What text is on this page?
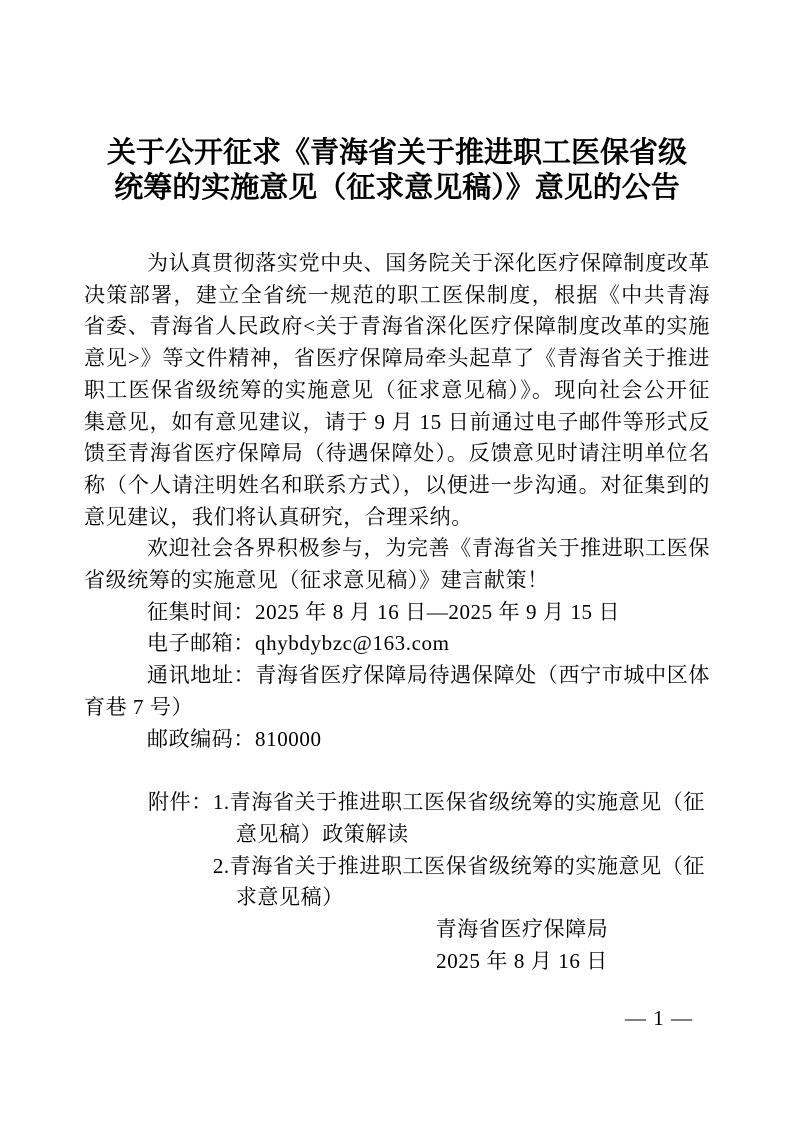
关于公开征求《青海省关于推进职工医保省级
统筹的实施意见（征求意见稿）》意见的公告

为认真贯彻落实党中央、国务院关于深化医疗保障制度改革决策部署，建立全省统一规范的职工医保制度，根据《中共青海省委、青海省人民政府<关于青海省深化医疗保障制度改革的实施意见>》等文件精神，省医疗保障局牵头起草了《青海省关于推进职工医保省级统筹的实施意见（征求意见稿）》。现向社会公开征集意见，如有意见建议，请于 9 月 15 日前通过电子邮件等形式反馈至青海省医疗保障局（待遇保障处）。反馈意见时请注明单位名称（个人请注明姓名和联系方式），以便进一步沟通。对征集到的意见建议，我们将认真研究，合理采纳。

欢迎社会各界积极参与，为完善《青海省关于推进职工医保省级统筹的实施意见（征求意见稿）》建言献策！

征集时间：2025 年 8 月 16 日—2025 年 9 月 15 日

电子邮箱：qhybdybzc@163.com

通讯地址：青海省医疗保障局待遇保障处（西宁市城中区体育巷 7 号）

邮政编码：810000

附件： 1.青海省关于推进职工医保省级统筹的实施意见（征
意见稿）政策解读
2.青海省关于推进职工医保省级统筹的实施意见（征
求意见稿）
青海省医疗保障局
2025 年 8 月 16 日
— 1 —
